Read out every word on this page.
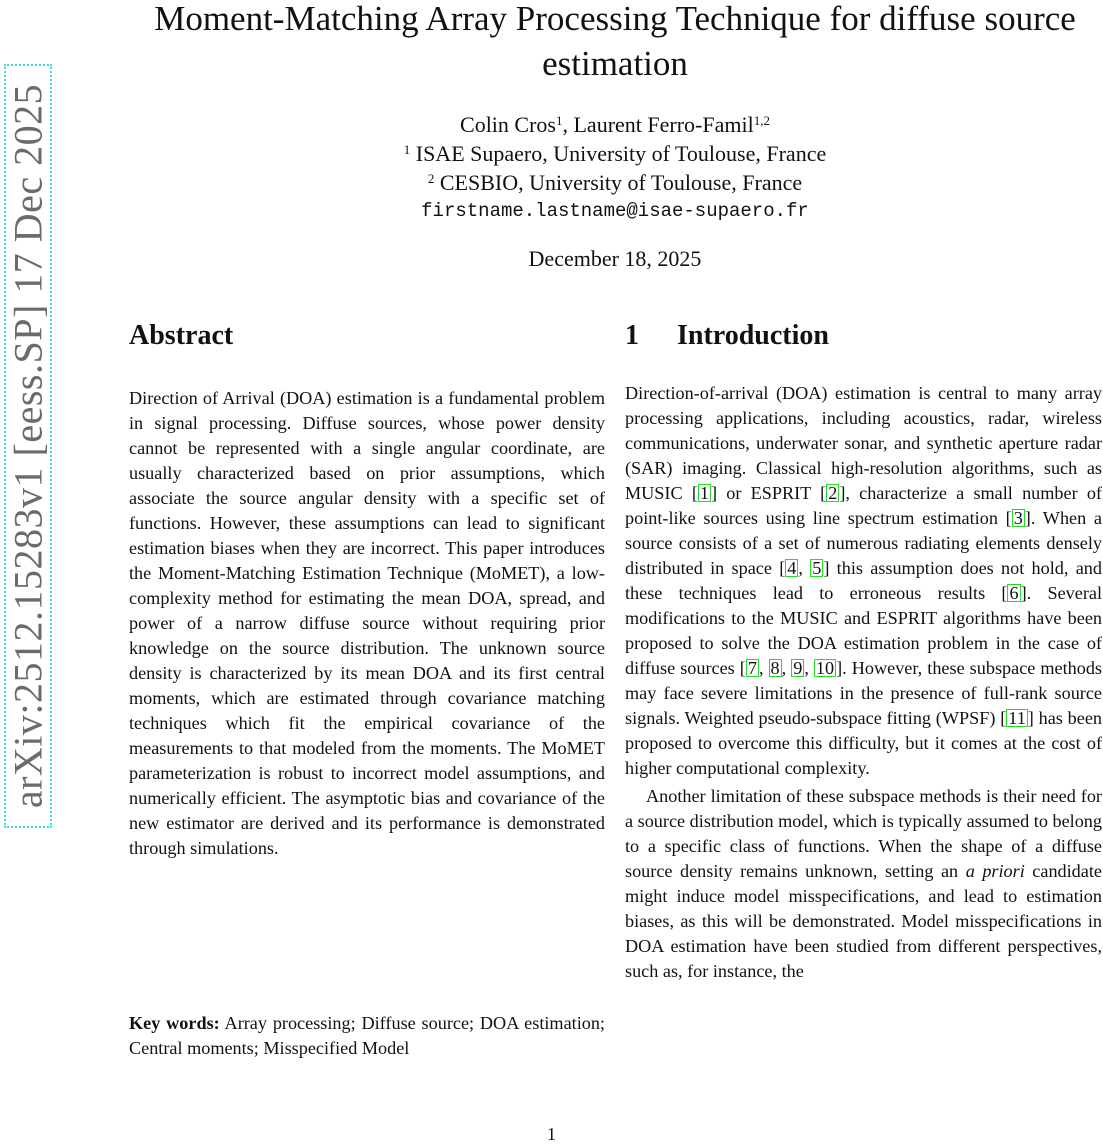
arXiv:2512.15283v1 [eess.SP] 17 Dec 2025
Moment-Matching Array Processing Technique for diffuse source estimation
Colin Cros$^1$, Laurent Ferro-Famil$^{1,2}$
$^1$ ISAE Supaero, University of Toulouse, France
$^2$ CESBIO, University of Toulouse, France
firstname.lastname@isae-supaero.fr
December 18, 2025
Abstract

Direction of Arrival (DOA) estimation is a fundamental problem in signal processing. Diffuse sources, whose power density cannot be represented with a single angular coordinate, are usually characterized based on prior assumptions, which associate the source angular density with a specific set of functions. However, these assumptions can lead to significant estimation biases when they are incorrect. This paper introduces the Moment-Matching Estimation Technique (MoMET), a low-complexity method for estimating the mean DOA, spread, and power of a narrow diffuse source without requiring prior knowledge on the source distribution. The unknown source density is characterized by its mean DOA and its first central moments, which are estimated through covariance matching techniques which fit the empirical covariance of the measurements to that modeled from the moments. The MoMET parameterization is robust to incorrect model assumptions, and numerically efficient. The asymptotic bias and covariance of the new estimator are derived and its performance is demonstrated through simulations.

Key words: Array processing; Diffuse source; DOA estimation; Central moments; Misspecified Model

1 Introduction

Direction-of-arrival (DOA) estimation is central to many array processing applications, including acoustics, radar, wireless communications, underwater sonar, and synthetic aperture radar (SAR) imaging. Classical high-resolution algorithms, such as MUSIC [ 1 ] or ESPRIT [ 2 ], characterize a small number of point-like sources using line spectrum estimation [ 3 ]. When a source consists of a set of numerous radiating elements densely distributed in space [ 4 , 5 ] this assumption does not hold, and these techniques lead to erroneous results [ 6 ]. Several modifications to the MUSIC and ESPRIT algorithms have been proposed to solve the DOA estimation problem in the case of diffuse sources [ 7 , 8 , 9 , 10 ]. However, these subspace methods may face severe limitations in the presence of full-rank source signals. Weighted pseudo-subspace fitting (WPSF) [ 11 ] has been proposed to overcome this difficulty, but it comes at the cost of higher computational complexity.

Another limitation of these subspace methods is their need for a source distribution model, which is typically assumed to belong to a specific class of functions. When the shape of a diffuse source density remains unknown, setting an a priori candidate might induce model misspecifications, and lead to estimation biases, as this will be demonstrated. Model misspecifications in DOA estimation have been studied from different perspectives, such as, for instance, the

1
